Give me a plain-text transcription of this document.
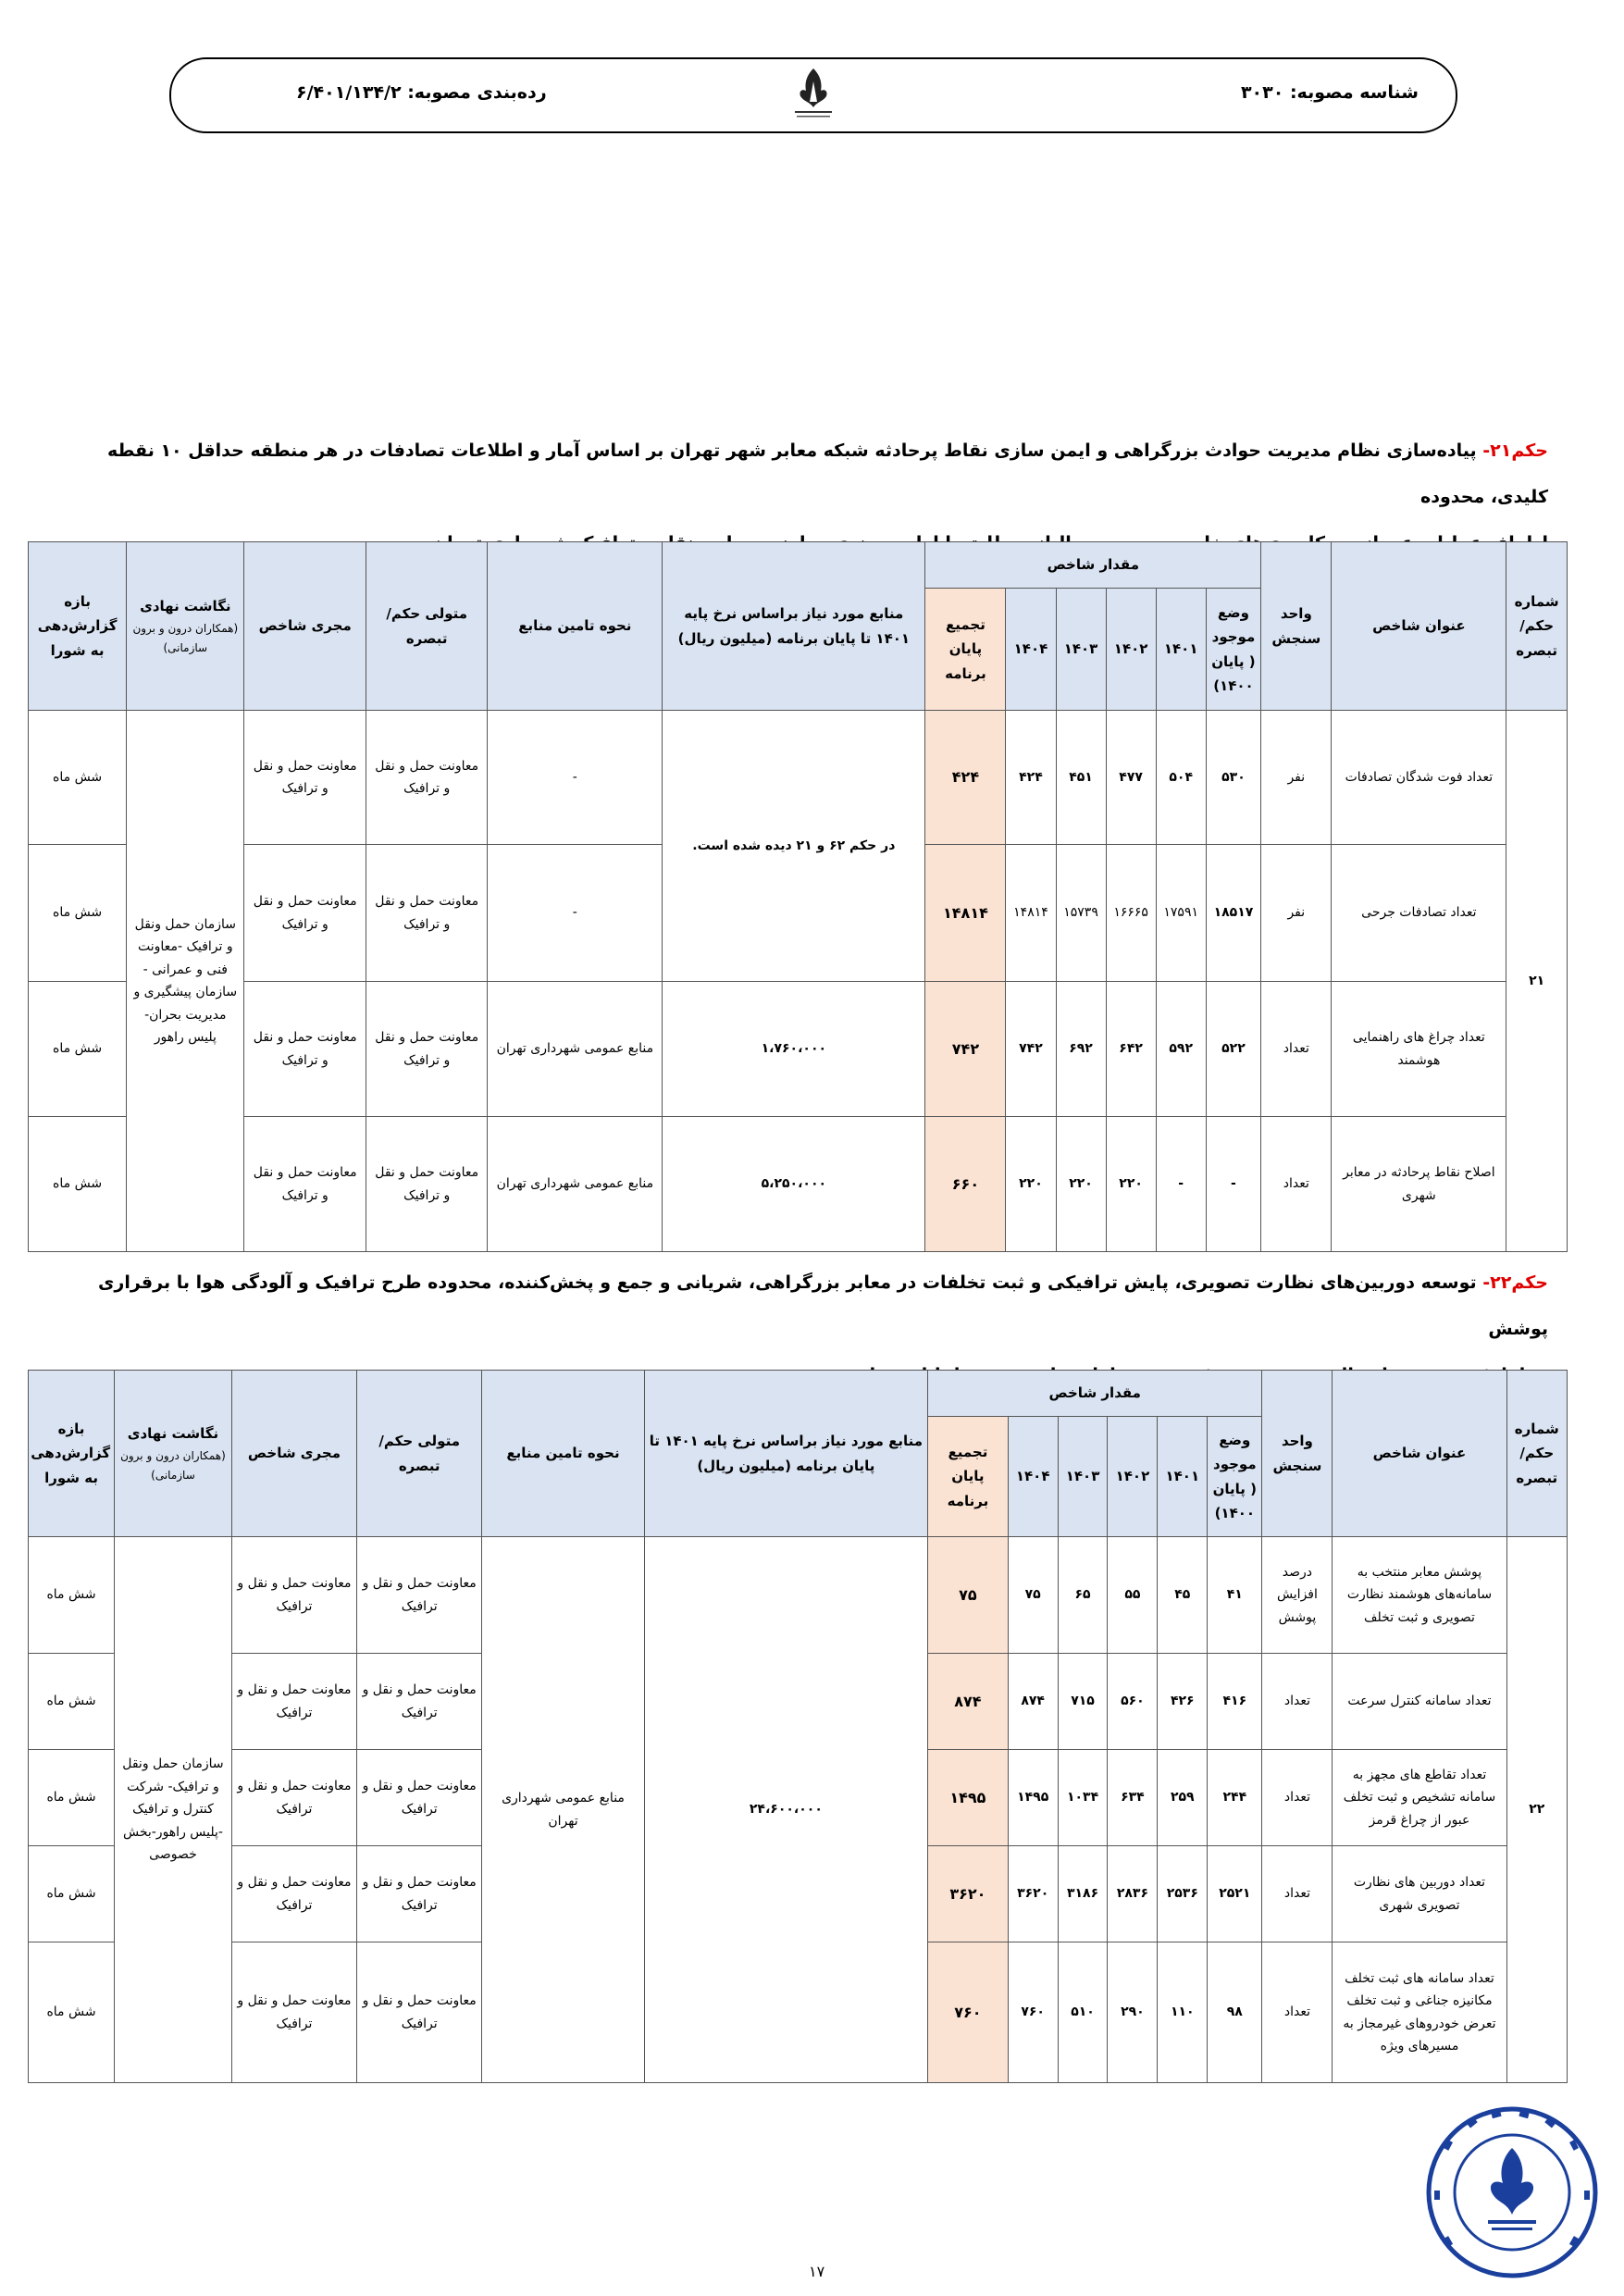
شناسه مصوبه: ۳۰۳۰
رده‌بندی مصوبه: ۶/۴۰۱/۱۳۴/۲
حکم۲۱- پیاده‌سازی نظام مدیریت حوادث بزرگراهی و ایمن سازی نقاط پرحادثه شبکه معابر شهر تهران بر اساس آمار و اطلاعات تصادفات در هر منطقه حداقل ۱۰ نقطه کلیدی، محدوده
شماره حکم/ تبصره	عنوان شاخص	واحد سنجش	مقدار شاخص						منابع مورد نیاز براساس نرخ پایه ۱۴۰۱ تا پایان برنامه (میلیون ریال)	نحوه تامین منابع	متولی حکم/تبصره	مجری شاخص	نگاشت نهادی
(همکاران درون و برون سازمانی)	بازه گزارش‌دهی به شورا
			وضع موجود ( پایان ۱۴۰۰)	۱۴۰۱	۱۴۰۲	۱۴۰۳	۱۴۰۴	تجمیع پایان برنامه						
۲۱	تعداد فوت شدگان تصادفات	نفر	۵۳۰	۵۰۴	۴۷۷	۴۵۱	۴۲۴	۴۲۴	در حکم ۶۲ و ۲۱ دیده شده است.	-	معاونت حمل و نقل و ترافیک	معاونت حمل و نقل و ترافیک	سازمان حمل ونقل و ترافیک -معاونت فنی و عمرانی - سازمان پیشگیری و مدیریت بحران- پلیس راهور	شش ماه
	تعداد تصادفات جرحی	نفر	۱۸۵۱۷	۱۷۵۹۱	۱۶۶۶۵	۱۵۷۳۹	۱۴۸۱۴	۱۴۸۱۴		-	معاونت حمل و نقل و ترافیک	معاونت حمل و نقل و ترافیک		شش ماه
	تعداد چراغ های راهنمایی هوشمند	تعداد	۵۲۲	۵۹۲	۶۴۲	۶۹۲	۷۴۲	۷۴۲	۱،۷۶۰،۰۰۰	منابع عمومی شهرداری تهران	معاونت حمل و نقل و ترافیک	معاونت حمل و نقل و ترافیک		شش ماه
	اصلاح نقاط پرحادثه در معابر شهری	تعداد	-	-	۲۲۰	۲۲۰	۲۲۰	۶۶۰	۵،۲۵۰،۰۰۰	منابع عمومی شهرداری تهران	معاونت حمل و نقل و ترافیک	معاونت حمل و نقل و ترافیک		شش ماه
حکم۲۲- توسعه دوربین‌های نظارت تصویری، پایش ترافیکی و ثبت تخلفات در معابر بزرگراهی، شریانی و جمع و پخش‌کننده، محدوده طرح ترافیک و آلودگی هوا با برقراری پوشش
شماره حکم/ تبصره	عنوان شاخص	واحد سنجش	مقدار شاخص						منابع مورد نیاز براساس نرخ پایه ۱۴۰۱ تا پایان برنامه (میلیون ریال)	نحوه تامین منابع	متولی حکم/تبصره	مجری شاخص	نگاشت نهادی
(همکاران درون و برون سازمانی)	بازه گزارش‌دهی به شورا
			وضع موجود ( پایان ۱۴۰۰)	۱۴۰۱	۱۴۰۲	۱۴۰۳	۱۴۰۴	تجمیع پایان برنامه						
۲۲	پوشش معابر منتخب به سامانه‌های هوشمند نظارت تصویری و ثبت تخلف	درصد افزایش پوشش	۴۱	۴۵	۵۵	۶۵	۷۵	۷۵	۲۴،۶۰۰،۰۰۰	منابع عمومی شهرداری تهران	معاونت حمل و نقل و ترافیک	معاونت حمل و نقل و ترافیک	سازمان حمل ونقل و ترافیک- شرکت کنترل و ترافیک -پلیس راهور-بخش خصوصی	شش ماه
	تعداد سامانه کنترل سرعت	تعداد	۴۱۶	۴۲۶	۵۶۰	۷۱۵	۸۷۴	۸۷۴			معاونت حمل و نقل و ترافیک	معاونت حمل و نقل و ترافیک		شش ماه
	تعداد تقاطع های مجهز به سامانه تشخیص و ثبت تخلف عبور از چراغ قرمز	تعداد	۲۴۴	۲۵۹	۶۳۴	۱۰۳۴	۱۴۹۵	۱۴۹۵			معاونت حمل و نقل و ترافیک	معاونت حمل و نقل و ترافیک		شش ماه
	تعداد دوربین های نظارت تصویری شهری	تعداد	۲۵۲۱	۲۵۳۶	۲۸۳۶	۳۱۸۶	۳۶۲۰	۳۶۲۰			معاونت حمل و نقل و ترافیک	معاونت حمل و نقل و ترافیک		شش ماه
	تعداد سامانه های ثبت تخلف مکانیزه جناغی و ثبت تخلف تعرض خودروهای غیرمجاز به مسیرهای ویژه	تعداد	۹۸	۱۱۰	۲۹۰	۵۱۰	۷۶۰	۷۶۰			معاونت حمل و نقل و ترافیک	معاونت حمل و نقل و ترافیک		شش ماه
۱۷
